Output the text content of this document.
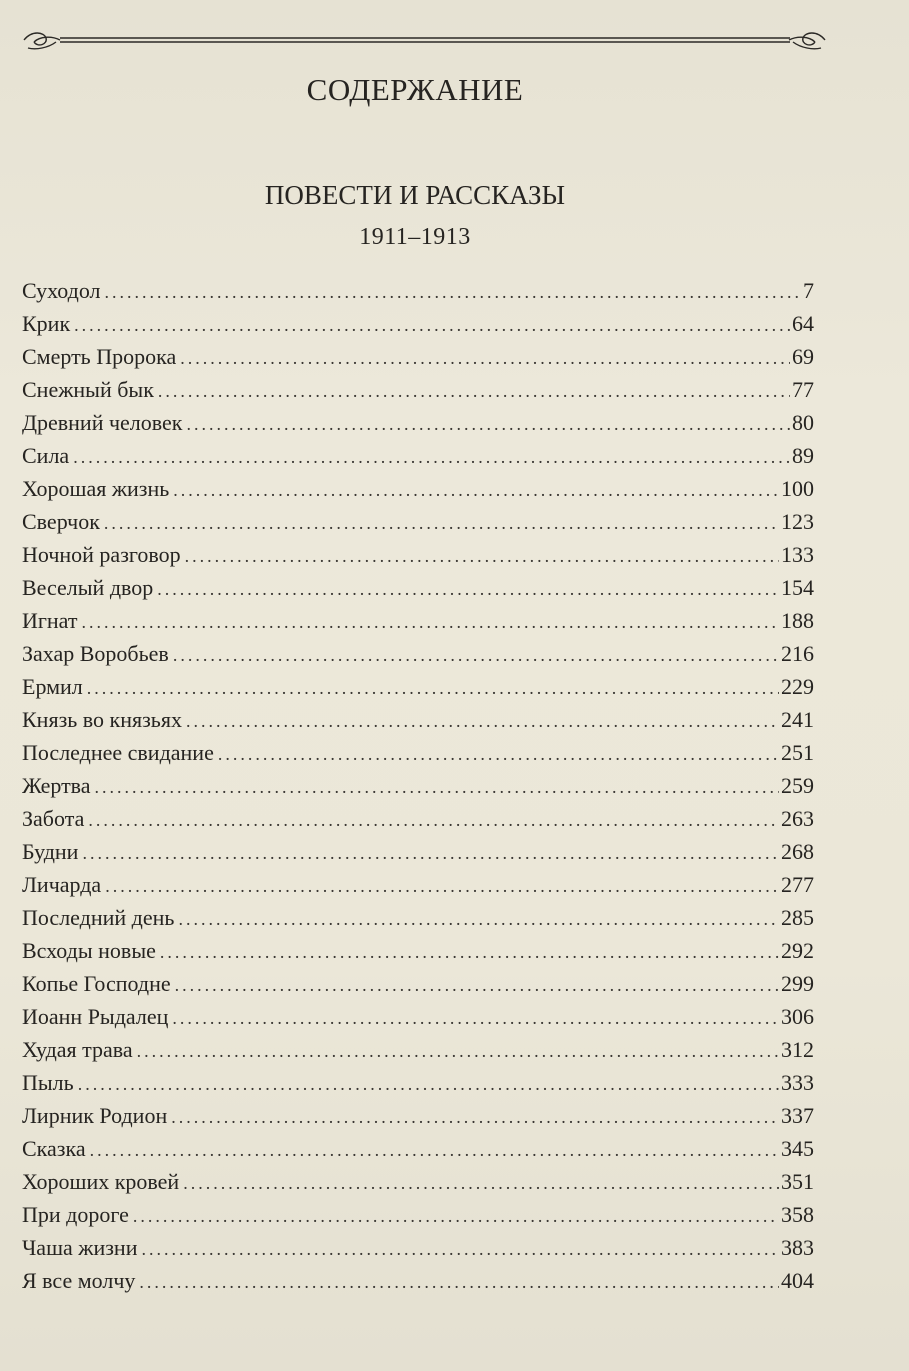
СОДЕРЖАНИЕ
ПОВЕСТИ И РАССКАЗЫ
1911–1913
Суходол .....	7
Крик .....	64
Смерть Пророка .....	69
Снежный бык .....	77
Древний человек .....	80
Сила .....	89
Хорошая жизнь .....	100
Сверчок .....	123
Ночной разговор .....	133
Веселый двор .....	154
Игнат .....	188
Захар Воробьев .....	216
Ермил .....	229
Князь во князьях .....	241
Последнее свидание .....	251
Жертва .....	259
Забота .....	263
Будни .....	268
Личарда .....	277
Последний день .....	285
Всходы новые .....	292
Копье Господне .....	299
Иоанн Рыдалец .....	306
Худая трава .....	312
Пыль .....	333
Лирник Родион .....	337
Сказка .....	345
Хороших кровей .....	351
При дороге .....	358
Чаша жизни .....	383
Я все молчу .....	404
